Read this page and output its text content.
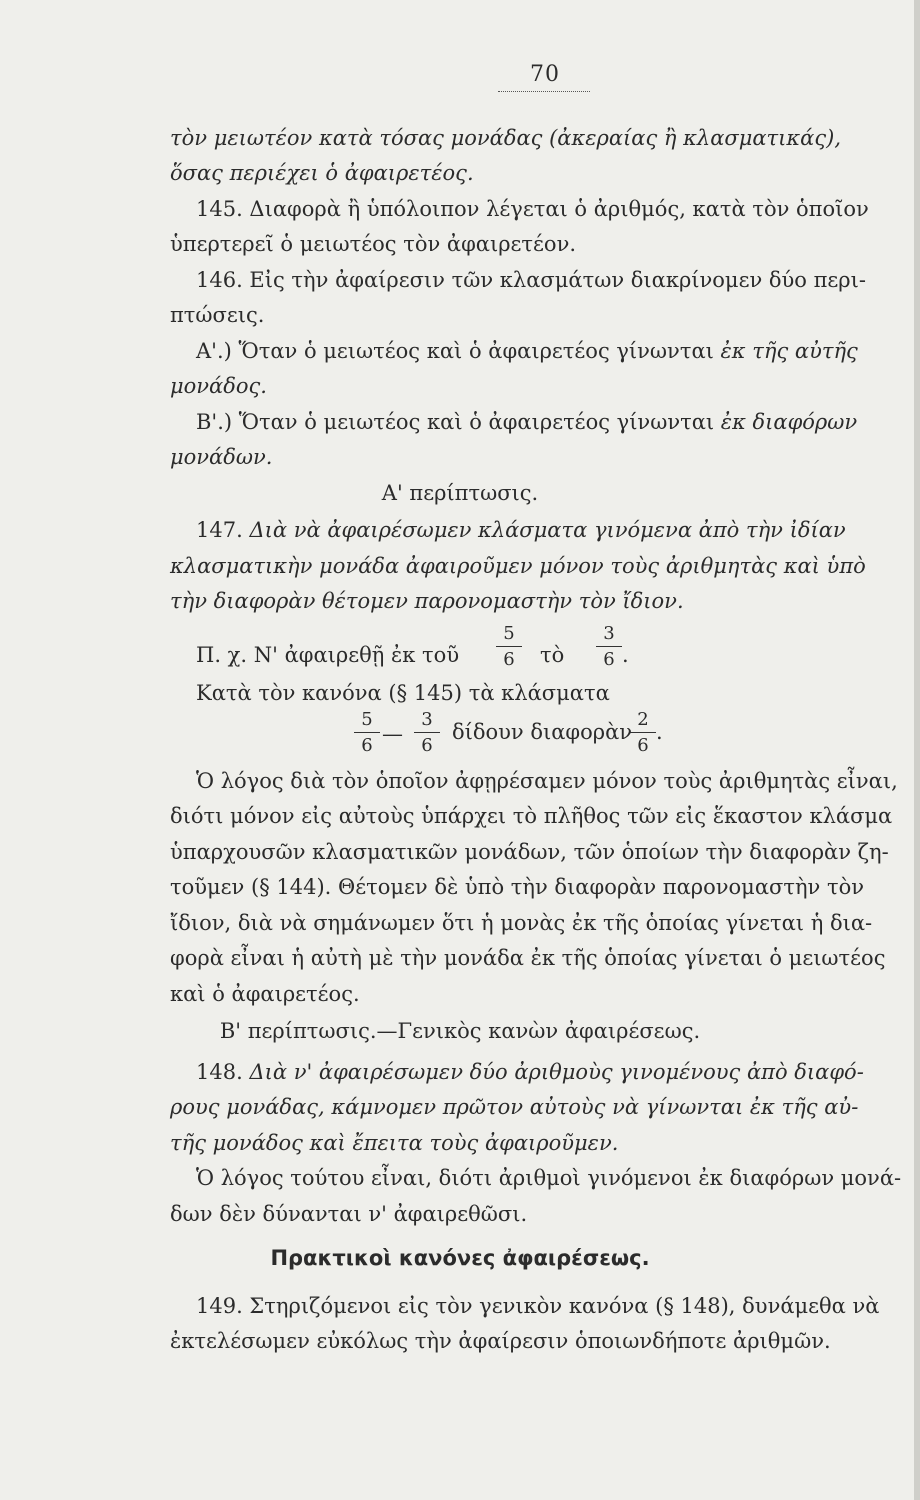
70
τὸν μειωτέον κατὰ τόσας μονάδας (ἀκεραίας ἢ κλασματικάς),
ὅσας περιέχει ὁ ἀφαιρετέος.
145. Διαφορὰ ἢ ὑπόλοιπον λέγεται ὁ ἀριθμός, κατὰ τὸν ὁποῖον
ὑπερτερεῖ ὁ μειωτέος τὸν ἀφαιρετέον.
146. Εἰς τὴν ἀφαίρεσιν τῶν κλασμάτων διακρίνομεν δύο περι-
πτώσεις.
Α'.) Ὅταν ὁ μειωτέος καὶ ὁ ἀφαιρετέος γίνωνται ἐκ τῆς αὐτῆς
μονάδος.
Β'.) Ὅταν ὁ μειωτέος καὶ ὁ ἀφαιρετέος γίνωνται ἐκ διαφόρων
μονάδων.
Α' περίπτωσις.
147. Διὰ νὰ ἀφαιρέσωμεν κλάσματα γινόμενα ἀπὸ τὴν ἰδίαν
κλασματικὴν μονάδα ἀφαιροῦμεν μόνον τοὺς ἀριθμητὰς καὶ ὑπὸ
τὴν διαφορὰν θέτομεν παρονομαστὴν τὸν ἴδιον.
Π. χ. Ν' ἀφαιρεθῇ ἐκ τοῦ
5
6	τὸ
3
6 .
Κατὰ τὸν κανόνα (§ 145) τὰ κλάσματα
5
6 —
3
6
δίδουν διαφορὰν
2
6
.
Ὁ λόγος διὰ τὸν ὁποῖον ἀφῃρέσαμεν μόνον τοὺς ἀριθμητὰς εἶναι,
διότι μόνον εἰς αὐτοὺς ὑπάρχει τὸ πλῆθος τῶν εἰς ἕκαστον κλάσμα
ὑπαρχουσῶν κλασματικῶν μονάδων, τῶν ὁποίων τὴν διαφορὰν ζη-
τοῦμεν (§ 144). Θέτομεν δὲ ὑπὸ τὴν διαφορὰν παρονομαστὴν τὸν
ἴδιον, διὰ νὰ σημάνωμεν ὅτι ἡ μονὰς ἐκ τῆς ὁποίας γίνεται ἡ δια-
φορὰ εἶναι ἡ αὐτὴ μὲ τὴν μονάδα ἐκ τῆς ὁποίας γίνεται ὁ μειωτέος
καὶ ὁ ἀφαιρετέος.
Β' περίπτωσις.—Γενικὸς κανὼν ἀφαιρέσεως.
148. Διὰ ν' ἀφαιρέσωμεν δύο ἀριθμοὺς γινομένους ἀπὸ διαφό-
ρους μονάδας, κάμνομεν πρῶτον αὐτοὺς νὰ γίνωνται ἐκ τῆς αὐ-
τῆς μονάδος καὶ ἔπειτα τοὺς ἀφαιροῦμεν.
Ὁ λόγος τούτου εἶναι, διότι ἀριθμοὶ γινόμενοι ἐκ διαφόρων μονά-
δων δὲν δύνανται ν' ἀφαιρεθῶσι.
Πρακτικοὶ κανόνες ἀφαιρέσεως.
149. Στηριζόμενοι εἰς τὸν γενικὸν κανόνα (§ 148), δυνάμεθα νὰ
ἐκτελέσωμεν εὐκόλως τὴν ἀφαίρεσιν ὁποιωνδήποτε ἀριθμῶν.
